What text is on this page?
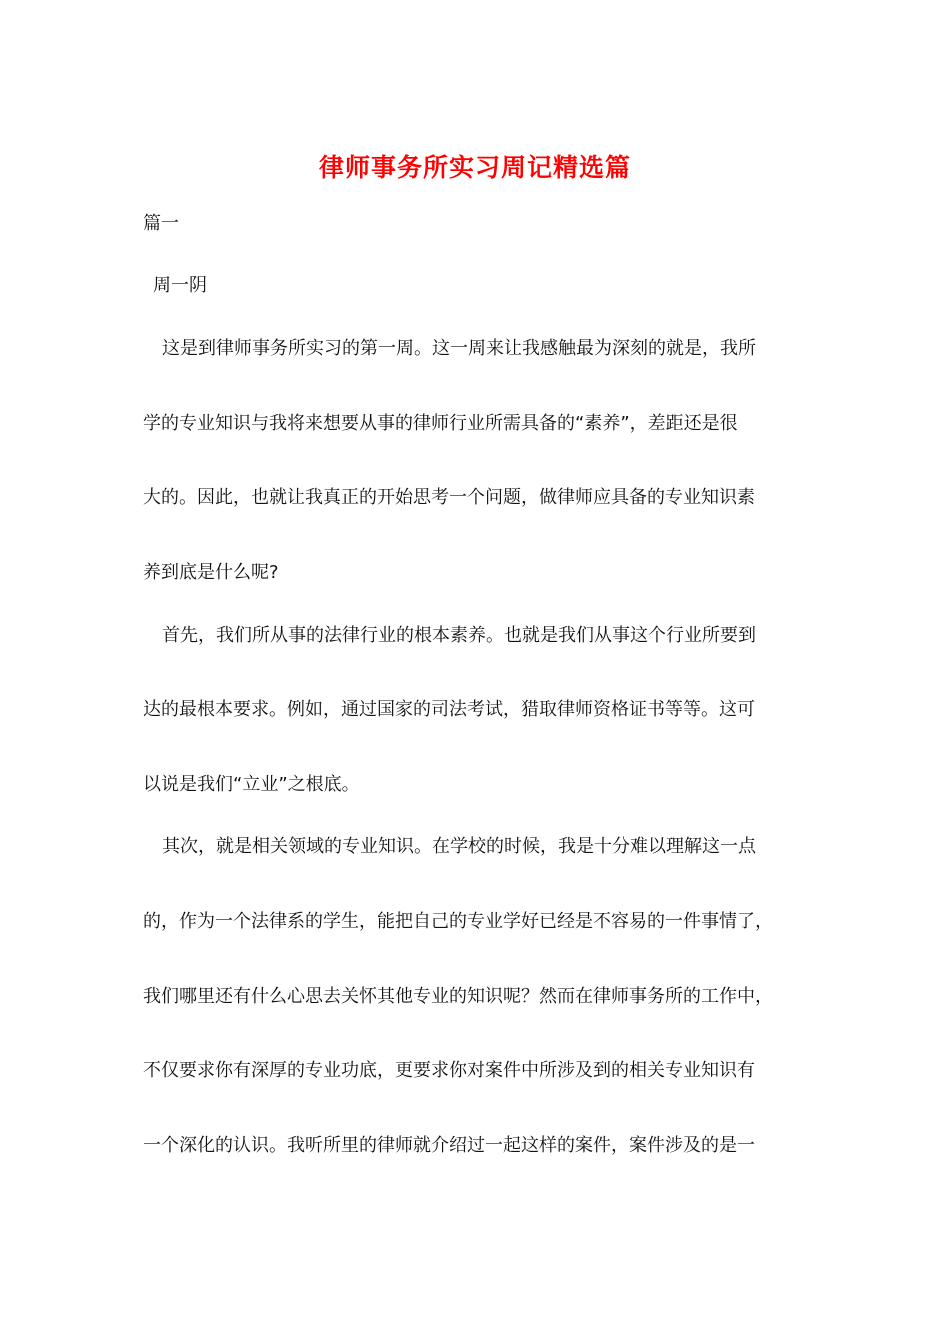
律师事务所实习周记精选篇

篇一

周一阴

这是到律师事务所实习的第一周。这一周来让我感触最为深刻的就是，我所

学的专业知识与我将来想要从事的律师行业所需具备的“素养”，差距还是很

大的。因此，也就让我真正的开始思考一个问题，做律师应具备的专业知识素

养到底是什么呢?

首先，我们所从事的法律行业的根本素养。也就是我们从事这个行业所要到

达的最根本要求。例如，通过国家的司法考试，猎取律师资格证书等等。这可

以说是我们“立业”之根底。

其次，就是相关领域的专业知识。在学校的时候，我是十分难以理解这一点

的，作为一个法律系的学生，能把自己的专业学好已经是不容易的一件事情了，

我们哪里还有什么心思去关怀其他专业的知识呢？然而在律师事务所的工作中，

不仅要求你有深厚的专业功底，更要求你对案件中所涉及到的相关专业知识有

一个深化的认识。我听所里的律师就介绍过一起这样的案件，案件涉及的是一
